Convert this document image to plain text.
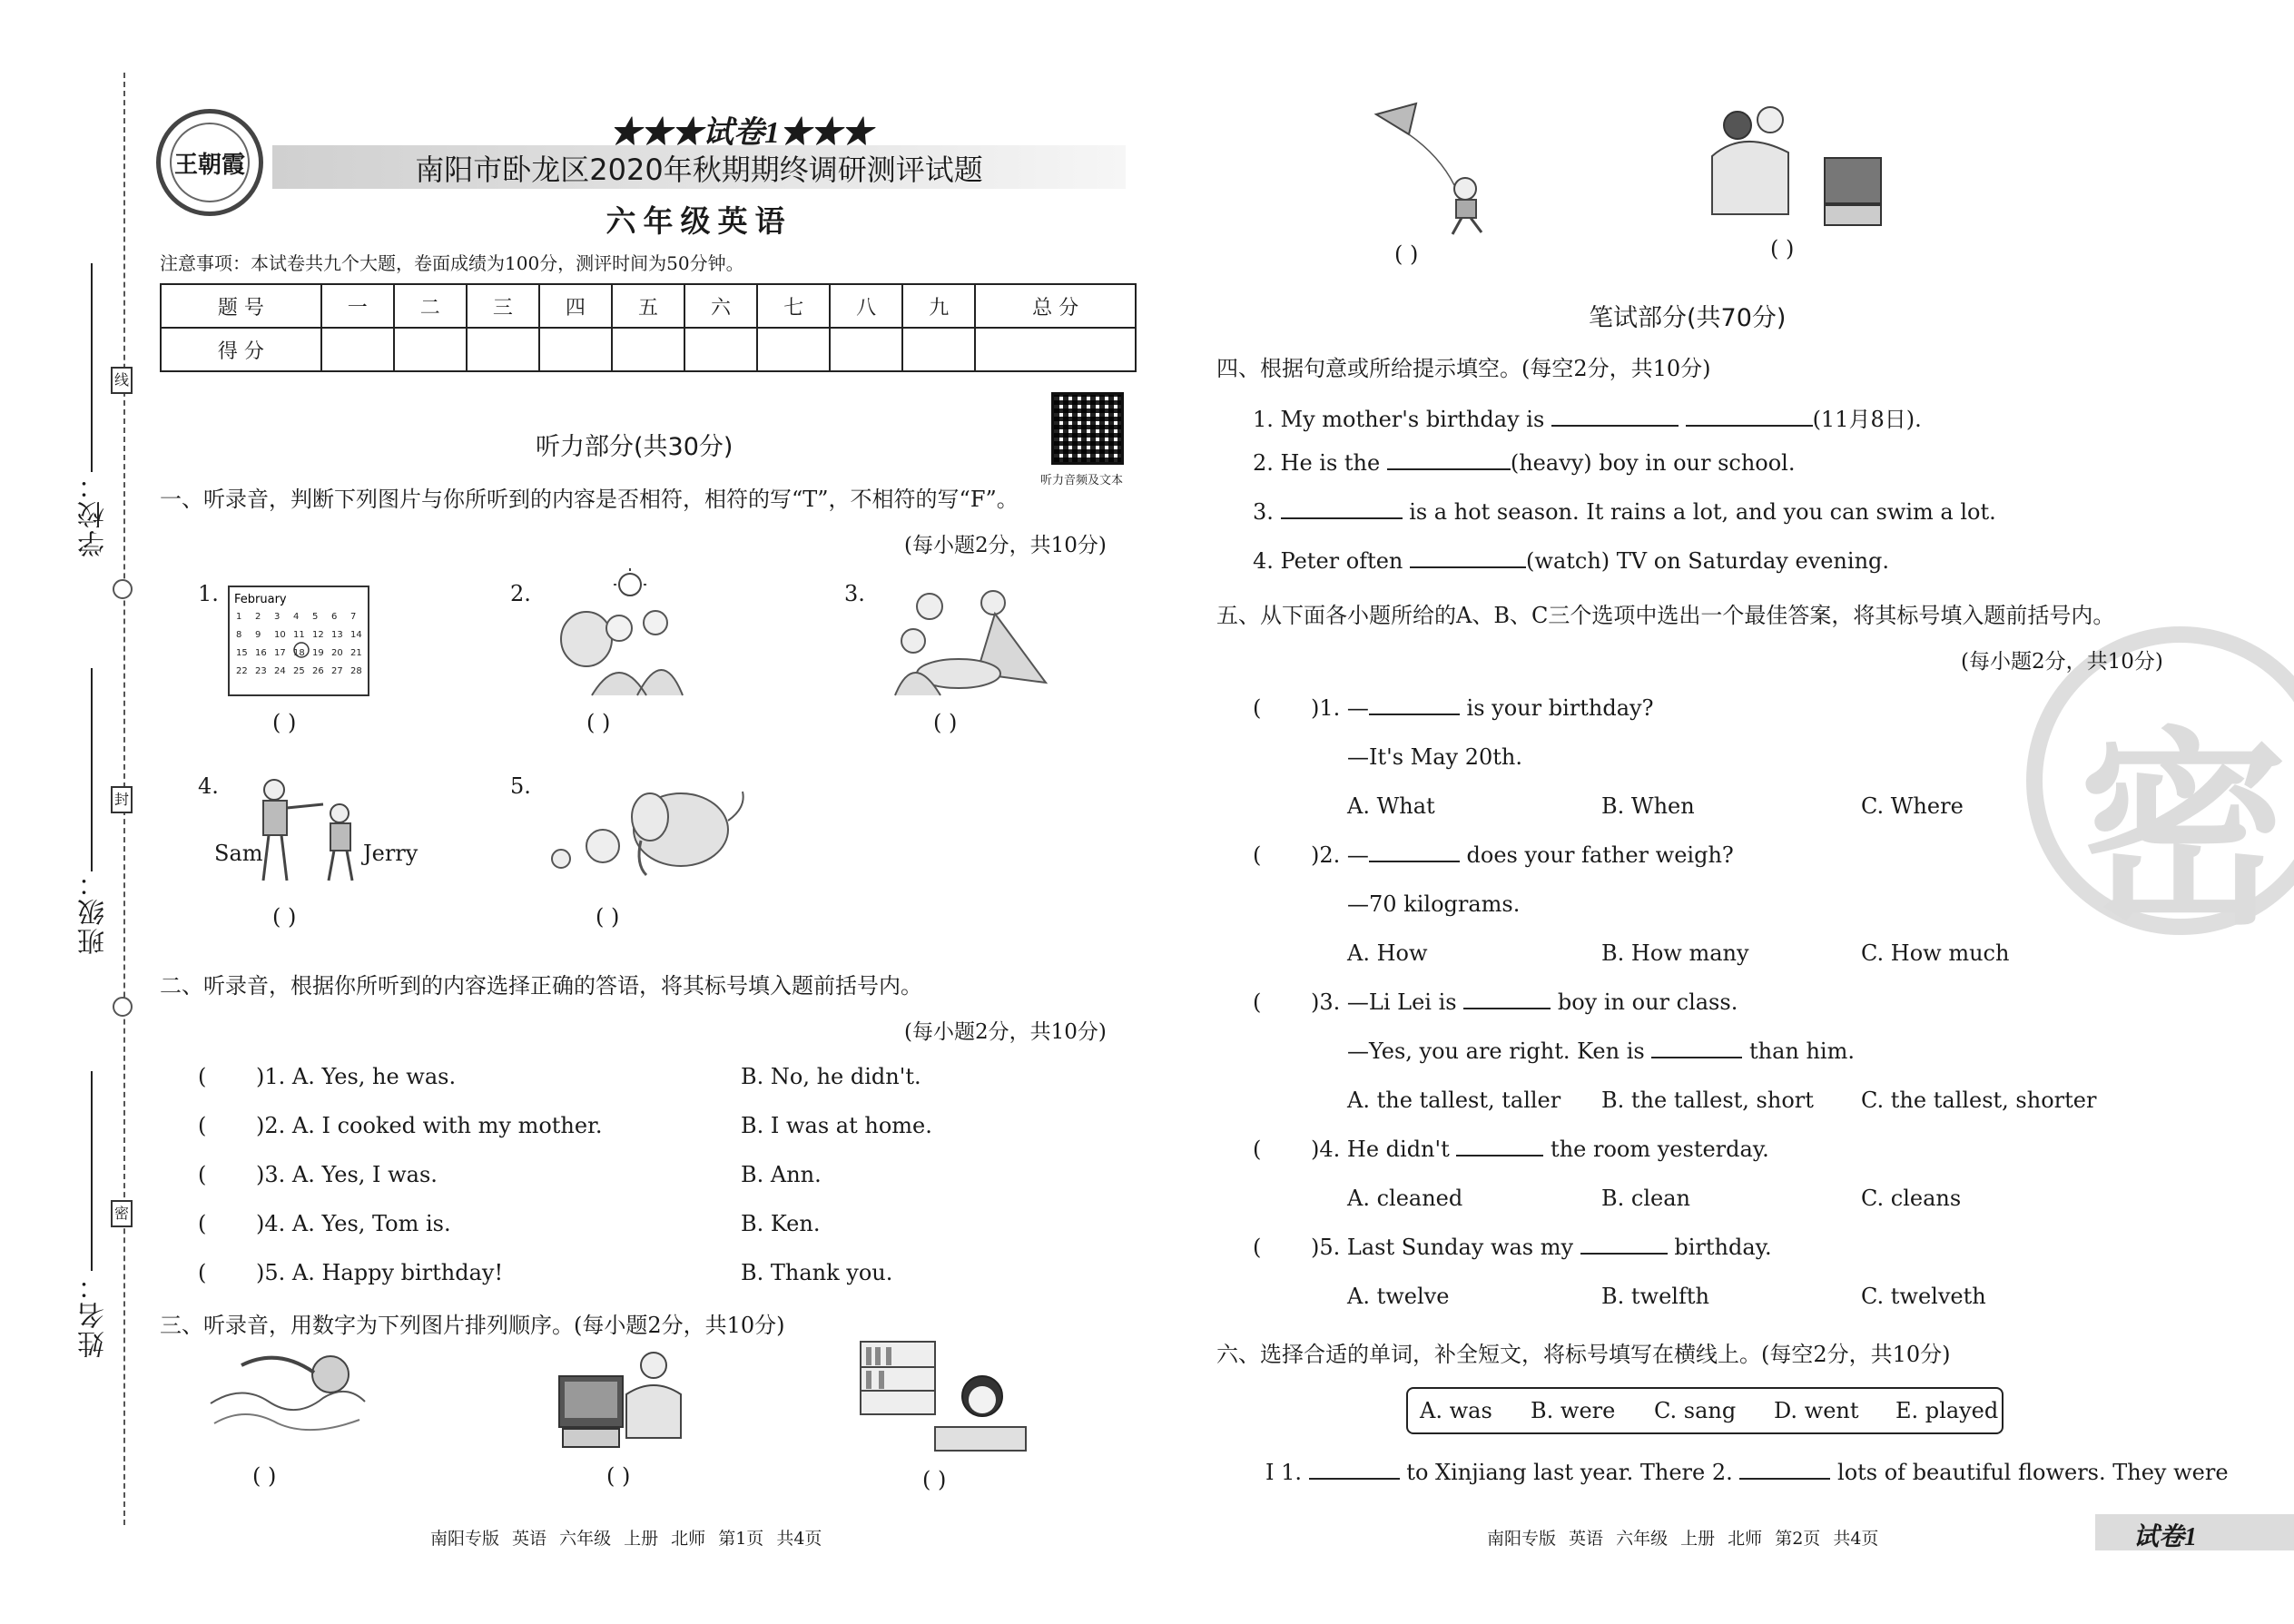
线
封
密
学校：
班级：
姓名：
王朝霞
★★★试卷1★★★
南阳市卧龙区2020年秋期期终调研测评试题
六年级英语
注意事项：本试卷共九个大题，卷面成绩为100分，测评时间为50分钟。
题 号	一	二	三	四	五	六	七	八	九	总 分
得 分										
听力音频及文本
听力部分(共30分)
一、听录音，判断下列图片与你所听到的内容是否相符，相符的写“T”，不相符的写“F”。
(每小题2分，共10分)
1. February
1 2 3 4 5 6 7
8 9 10 11 12 13 14
15 16 17 18 19 20 21
22 23 24 25 26 27 28
( )
2.
( )
3.
( )
4.
Sam	Jerry
( )
5.
( )
二、听录音，根据你所听到的内容选择正确的答语，将其标号填入题前括号内。
(每小题2分，共10分)
( )1. A. Yes, he was.	B. No, he didn't.
( )2. A. I cooked with my mother.	B. I was at home.
( )3. A. Yes, I was.	B. Ann.
( )4. A. Yes, Tom is.	B. Ken.
( )5. A. Happy birthday!	B. Thank you.
三、听录音，用数字为下列图片排列顺序。(每小题2分，共10分)
( )	( )	( )
南阳专版 英语 六年级 上册 北师 第1页 共4页
( )	( )
密
笔试部分(共70分)
四、根据句意或所给提示填空。(每空2分，共10分)
1. My mother's birthday is	(11月8日).
2. He is the	(heavy) boy in our school.
3.	is a hot season. It rains a lot, and you can swim a lot.
4. Peter often	(watch) TV on Saturday evening.
五、从下面各小题所给的A、B、C三个选项中选出一个最佳答案，将其标号填入题前括号内。
(每小题2分，共10分)
( )1. —	is your birthday?
—It's May 20th.
A. What	B. When	C. Where
( )2. —	does your father weigh?
—70 kilograms.
A. How	B. How many	C. How much
( )3. —Li Lei is	boy in our class.
—Yes, you are right. Ken is	than him.
A. the tallest, taller B. the tallest, short C. the tallest, shorter
( )4. He didn't	the room yesterday.
A. cleaned	B. clean	C. cleans
( )5. Last Sunday was my	birthday.
A. twelve	B. twelfth	C. twelveth
六、选择合适的单词，补全短文，将标号填写在横线上。(每空2分，共10分)
A. was B. were C. sang D. went E. played
I 1.	to Xinjiang last year. There 2.	lots of beautiful flowers. They were
南阳专版 英语 六年级 上册 北师 第2页 共4页	试卷1
